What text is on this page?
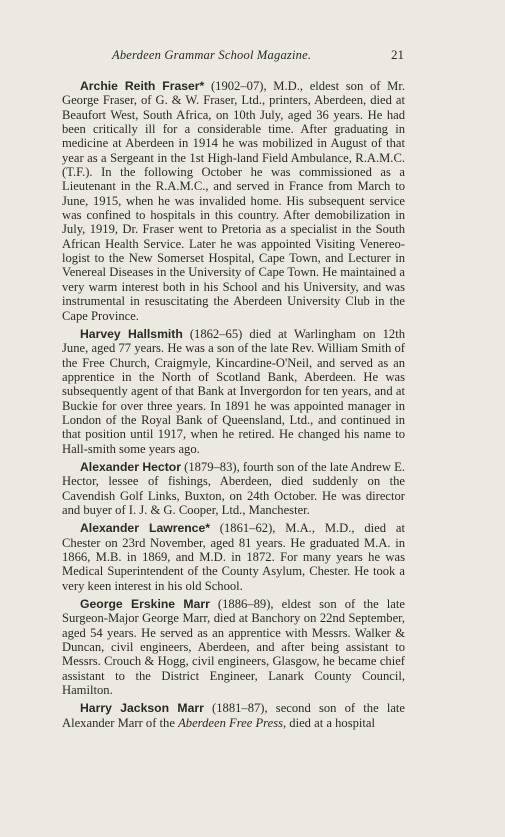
Aberdeen Grammar School Magazine.	21

Archie Reith Fraser* (1902–07), M.D., eldest son of Mr. George Fraser, of G. & W. Fraser, Ltd., printers, Aberdeen, died at Beaufort West, South Africa, on 10th July, aged 36 years. He had been critically ill for a considerable time. After graduating in medicine at Aberdeen in 1914 he was mobilized in August of that year as a Sergeant in the 1st High-land Field Ambulance, R.A.M.C. (T.F.). In the following October he was commissioned as a Lieutenant in the R.A.M.C., and served in France from March to June, 1915, when he was invalided home. His subsequent service was confined to hospitals in this country. After demobilization in July, 1919, Dr. Fraser went to Pretoria as a specialist in the South African Health Service. Later he was appointed Visiting Venereo-logist to the New Somerset Hospital, Cape Town, and Lecturer in Venereal Diseases in the University of Cape Town. He maintained a very warm interest both in his School and his University, and was instrumental in resuscitating the Aberdeen University Club in the Cape Province.

Harvey Hallsmith (1862–65) died at Warlingham on 12th June, aged 77 years. He was a son of the late Rev. William Smith of the Free Church, Craigmyle, Kincardine-O'Neil, and served as an apprentice in the North of Scotland Bank, Aberdeen. He was subsequently agent of that Bank at Invergordon for ten years, and at Buckie for over three years. In 1891 he was appointed manager in London of the Royal Bank of Queensland, Ltd., and continued in that position until 1917, when he retired. He changed his name to Hall-smith some years ago.

Alexander Hector (1879–83), fourth son of the late Andrew E. Hector, lessee of fishings, Aberdeen, died suddenly on the Cavendish Golf Links, Buxton, on 24th October. He was director and buyer of I. J. & G. Cooper, Ltd., Manchester.

Alexander Lawrence* (1861–62), M.A., M.D., died at Chester on 23rd November, aged 81 years. He graduated M.A. in 1866, M.B. in 1869, and M.D. in 1872. For many years he was Medical Superintendent of the County Asylum, Chester. He took a very keen interest in his old School.

George Erskine Marr (1886–89), eldest son of the late Surgeon-Major George Marr, died at Banchory on 22nd September, aged 54 years. He served as an apprentice with Messrs. Walker & Duncan, civil engineers, Aberdeen, and after being assistant to Messrs. Crouch & Hogg, civil engineers, Glasgow, he became chief assistant to the District Engineer, Lanark County Council, Hamilton.

Harry Jackson Marr (1881–87), second son of the late Alexander Marr of the Aberdeen Free Press, died at a hospital
